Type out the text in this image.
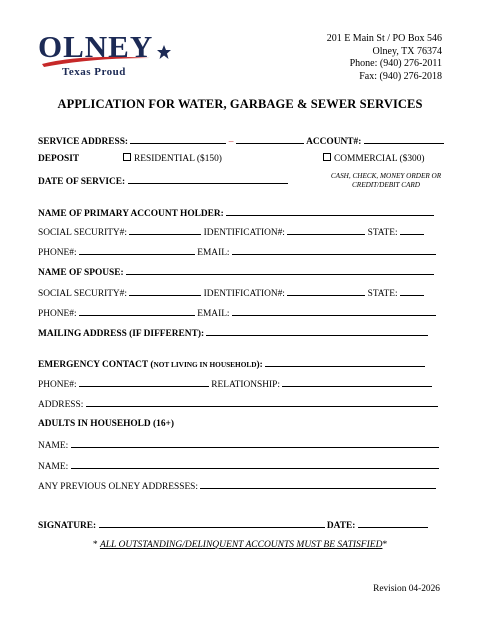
OLNEY
Texas Proud
201 E Main St / PO Box 546
Olney, TX 76374
Phone: (940) 276-2011
Fax: (940) 276-2018
APPLICATION FOR WATER, GARBAGE & SEWER SERVICES
SERVICE ADDRESS:	–	ACCOUNT#:
DEPOSIT	RESIDENTIAL ($150)	COMMERCIAL ($300)
DATE OF SERVICE:
CASH, CHECK, MONEY ORDER OR
CREDIT/DEBIT CARD
NAME OF PRIMARY ACCOUNT HOLDER:
SOCIAL SECURITY#:	IDENTIFICATION#:	STATE:
PHONE#:	EMAIL:
NAME OF SPOUSE:
SOCIAL SECURITY#:	IDENTIFICATION#:	STATE:
PHONE#:	EMAIL:
MAILING ADDRESS (IF DIFFERENT):
EMERGENCY CONTACT (NOT LIVING IN HOUSEHOLD):
PHONE#:	RELATIONSHIP:
ADDRESS:
ADULTS IN HOUSEHOLD (16+)
NAME:
NAME:
ANY PREVIOUS OLNEY ADDRESSES:
SIGNATURE:	DATE:
* ALL OUTSTANDING/DELINQUENT ACCOUNTS MUST BE SATISFIED*
Revision 04-2026
